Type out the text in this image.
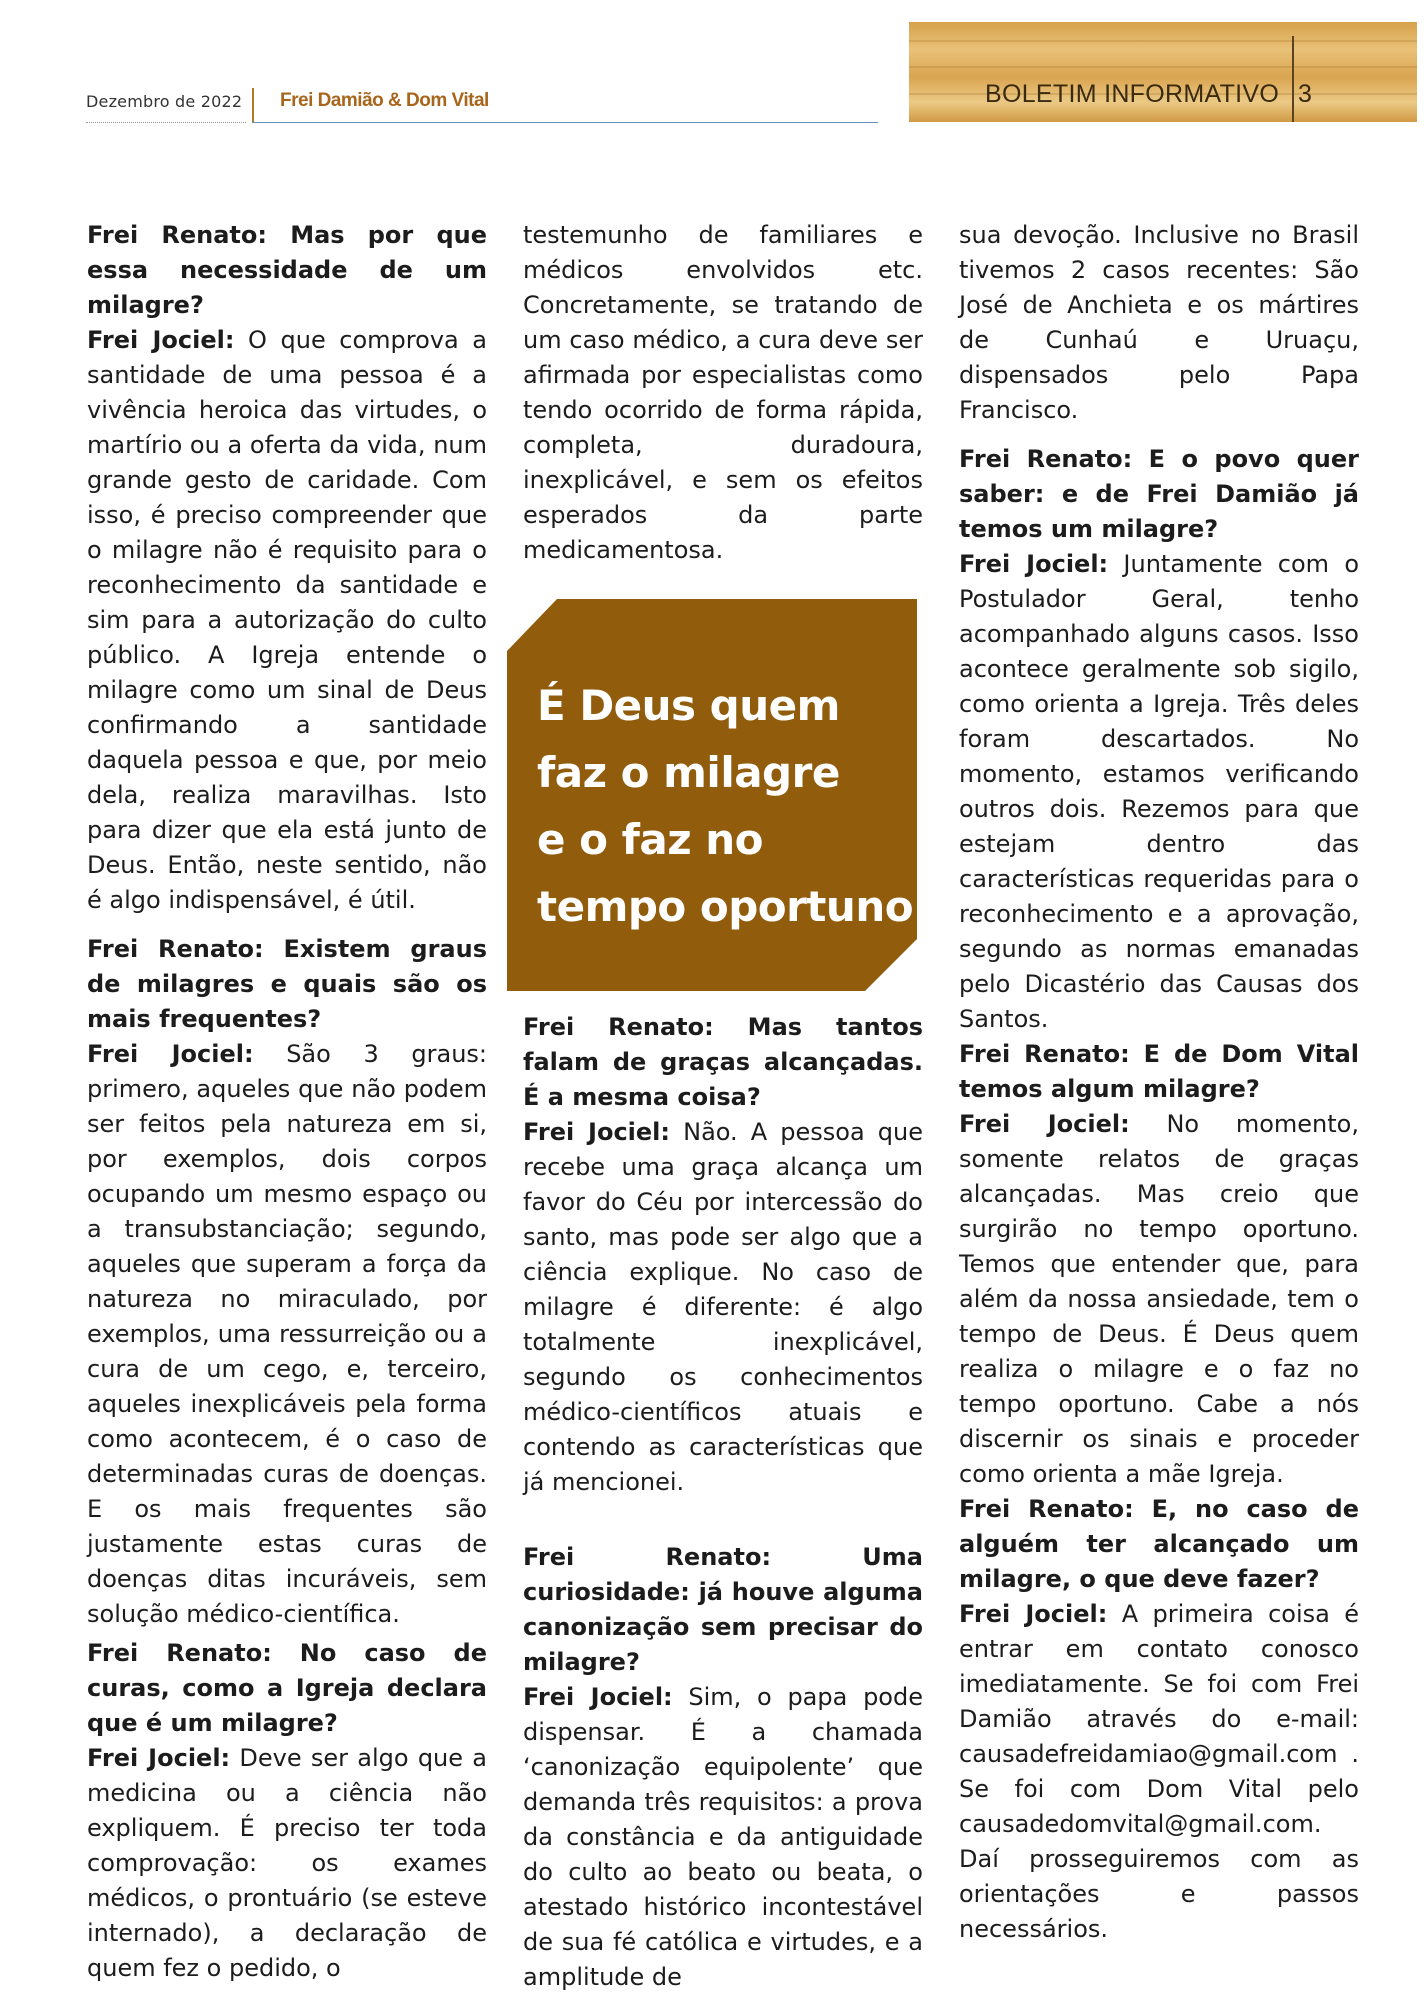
Dezembro de 2022 Frei Damião & Dom Vital	BOLETIM INFORMATIVO 3

Frei Renato: Mas por que essa necessidade de um milagre?

Frei Jociel: O que comprova a santidade de uma pessoa é a vivência heroica das virtudes, o martírio ou a oferta da vida, num grande gesto de caridade. Com isso, é preciso compreender que o milagre não é requisito para o reconhecimento da santidade e sim para a autorização do culto público. A Igreja entende o milagre como um sinal de Deus confirmando a santidade daquela pessoa e que, por meio dela, realiza maravilhas. Isto para dizer que ela está junto de Deus. Então, neste sentido, não é algo indispensável, é útil.

Frei Renato: Existem graus de milagres e quais são os mais frequentes?

Frei Jociel: São 3 graus: primero, aqueles que não podem ser feitos pela natureza em si, por exemplos, dois corpos ocupando um mesmo espaço ou a transubstanciação; segundo, aqueles que superam a força da natureza no miraculado, por exemplos, uma ressurreição ou a cura de um cego, e, terceiro, aqueles inexplicáveis pela forma como acontecem, é o caso de determinadas curas de doenças. E os mais frequentes são justamente estas curas de doenças ditas incuráveis, sem solução médico-científica.

Frei Renato: No caso de curas, como a Igreja declara que é um milagre?

Frei Jociel: Deve ser algo que a medicina ou a ciência não expliquem. É preciso ter toda comprovação: os exames médicos, o prontuário (se esteve internado), a declaração de quem fez o pedido, o

testemunho de familiares e médicos envolvidos etc. Concretamente, se tratando de um caso médico, a cura deve ser afirmada por especialistas como tendo ocorrido de forma rápida, completa, duradoura, inexplicável, e sem os efeitos esperados da parte medicamentosa.

É Deus quem
faz o milagre
e o faz no
tempo oportuno.

Frei Renato: Mas tantos falam de graças alcançadas. É a mesma coisa?

Frei Jociel: Não. A pessoa que recebe uma graça alcança um favor do Céu por intercessão do santo, mas pode ser algo que a ciência explique. No caso de milagre é diferente: é algo totalmente inexplicável, segundo os conhecimentos médico-científicos atuais e contendo as características que já mencionei.

Frei Renato: Uma curiosidade: já houve alguma canonização sem precisar do milagre?

Frei Jociel: Sim, o papa pode dispensar. É a chamada ‘canonização equipolente’ que demanda três requisitos: a prova da constância e da antiguidade do culto ao beato ou beata, o atestado histórico incontestável de sua fé católica e virtudes, e a amplitude de

sua devoção. Inclusive no Brasil tivemos 2 casos recentes: São José de Anchieta e os mártires de Cunhaú e Uruaçu, dispensados pelo Papa Francisco.

Frei Renato: E o povo quer saber: e de Frei Damião já temos um milagre?

Frei Jociel: Juntamente com o Postulador Geral, tenho acompanhado alguns casos. Isso acontece geralmente sob sigilo, como orienta a Igreja. Três deles foram descartados. No momento, estamos verificando outros dois. Rezemos para que estejam dentro das características requeridas para o reconhecimento e a aprovação, segundo as normas emanadas pelo Dicastério das Causas dos Santos.

Frei Renato: E de Dom Vital temos algum milagre?

Frei Jociel: No momento, somente relatos de graças alcançadas. Mas creio que surgirão no tempo oportuno. Temos que entender que, para além da nossa ansiedade, tem o tempo de Deus. É Deus quem realiza o milagre e o faz no tempo oportuno. Cabe a nós discernir os sinais e proceder como orienta a mãe Igreja.

Frei Renato: E, no caso de alguém ter alcançado um milagre, o que deve fazer?

Frei Jociel: A primeira coisa é entrar em contato conosco imediatamente. Se foi com Frei Damião através do e-mail: causadefreidamiao@gmail.com . Se foi com Dom Vital pelo causadedomvital@gmail.com.

Daí prosseguiremos com as orientações e passos necessários.
